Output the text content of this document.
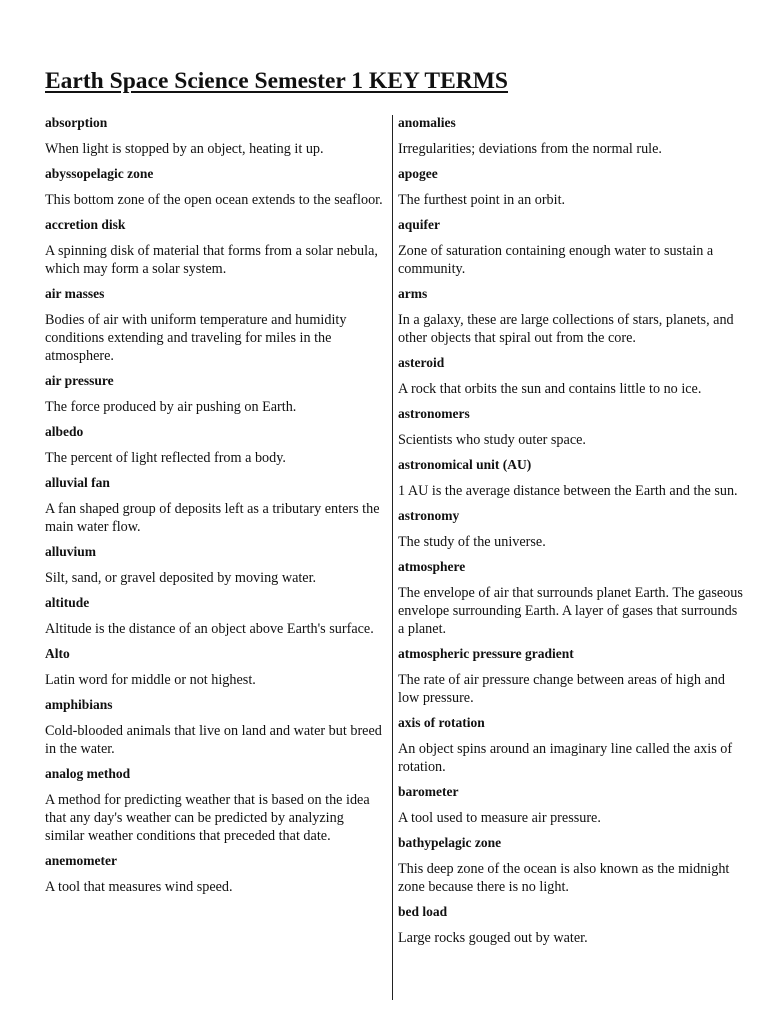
Earth Space Science Semester 1 KEY TERMS
absorption
When light is stopped by an object, heating it up.
abyssopelagic zone
This bottom zone of the open ocean extends to the seafloor.
accretion disk
A spinning disk of material that forms from a solar nebula, which may form a solar system.
air masses
Bodies of air with uniform temperature and humidity conditions extending and traveling for miles in the atmosphere.
air pressure
The force produced by air pushing on Earth.
albedo
The percent of light reflected from a body.
alluvial fan
A fan shaped group of deposits left as a tributary enters the main water flow.
alluvium
Silt, sand, or gravel deposited by moving water.
altitude
Altitude is the distance of an object above Earth's surface.
Alto
Latin word for middle or not highest.
amphibians
Cold-blooded animals that live on land and water but breed in the water.
analog method
A method for predicting weather that is based on the idea that any day's weather can be predicted by analyzing similar weather conditions that preceded that date.
anemometer
A tool that measures wind speed.
anomalies
Irregularities; deviations from the normal rule.
apogee
The furthest point in an orbit.
aquifer
Zone of saturation containing enough water to sustain a community.
arms
In a galaxy, these are large collections of stars, planets, and other objects that spiral out from the core.
asteroid
A rock that orbits the sun and contains little to no ice.
astronomers
Scientists who study outer space.
astronomical unit (AU)
1 AU is the average distance between the Earth and the sun.
astronomy
The study of the universe.
atmosphere
The envelope of air that surrounds planet Earth. The gaseous envelope surrounding Earth. A layer of gases that surrounds a planet.
atmospheric pressure gradient
The rate of air pressure change between areas of high and low pressure.
axis of rotation
An object spins around an imaginary line called the axis of rotation.
barometer
A tool used to measure air pressure.
bathypelagic zone
This deep zone of the ocean is also known as the midnight zone because there is no light.
bed load
Large rocks gouged out by water.
